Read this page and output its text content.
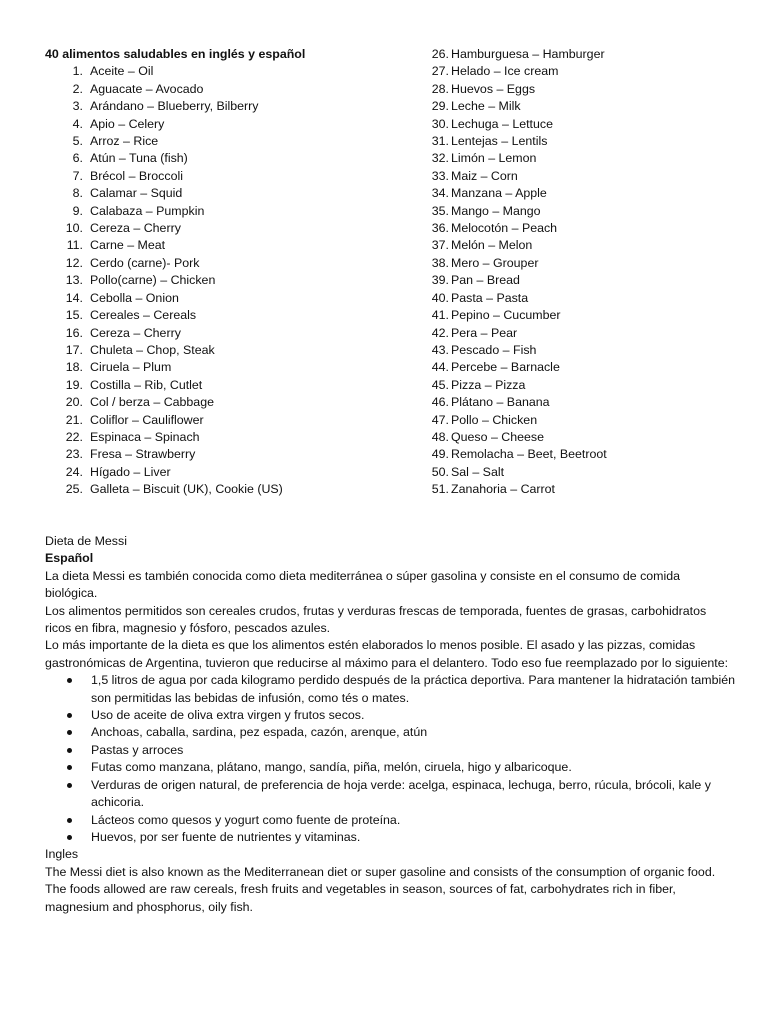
40 alimentos saludables en inglés y español
1. Aceite – Oil
2. Aguacate – Avocado
3. Arándano – Blueberry, Bilberry
4. Apio – Celery
5. Arroz – Rice
6. Atún – Tuna (fish)
7. Brécol – Broccoli
8. Calamar – Squid
9. Calabaza – Pumpkin
10. Cereza – Cherry
11. Carne – Meat
12. Cerdo (carne)- Pork
13. Pollo(carne) – Chicken
14. Cebolla – Onion
15. Cereales – Cereals
16. Cereza – Cherry
17. Chuleta – Chop, Steak
18. Ciruela – Plum
19. Costilla – Rib, Cutlet
20. Col / berza – Cabbage
21. Coliflor – Cauliflower
22. Espinaca – Spinach
23. Fresa – Strawberry
24. Hígado – Liver
25. Galleta – Biscuit (UK), Cookie (US)
26. Hamburguesa – Hamburger
27. Helado – Ice cream
28. Huevos – Eggs
29. Leche – Milk
30. Lechuga – Lettuce
31. Lentejas – Lentils
32. Limón – Lemon
33. Maiz – Corn
34. Manzana – Apple
35. Mango – Mango
36. Melocotón – Peach
37. Melón – Melon
38. Mero – Grouper
39. Pan – Bread
40. Pasta – Pasta
41. Pepino – Cucumber
42. Pera – Pear
43. Pescado – Fish
44. Percebe – Barnacle
45. Pizza – Pizza
46. Plátano – Banana
47. Pollo – Chicken
48. Queso – Cheese
49. Remolacha – Beet, Beetroot
50. Sal – Salt
51. Zanahoria – Carrot

Dieta de Messi

Español

La dieta Messi es también conocida como dieta mediterránea o súper gasolina y consiste en el consumo de comida biológica.

Los alimentos permitidos son cereales crudos, frutas y verduras frescas de temporada, fuentes de grasas, carbohidratos ricos en fibra, magnesio y fósforo, pescados azules.

Lo más importante de la dieta es que los alimentos estén elaborados lo menos posible. El asado y las pizzas, comidas gastronómicas de Argentina, tuvieron que reducirse al máximo para el delantero. Todo eso fue reemplazado por lo siguiente:

1,5 litros de agua por cada kilogramo perdido después de la práctica deportiva. Para mantener la hidratación también son permitidas las bebidas de infusión, como tés o mates.
Uso de aceite de oliva extra virgen y frutos secos.
Anchoas, caballa, sardina, pez espada, cazón, arenque, atún
Pastas y arroces
Futas como manzana, plátano, mango, sandía, piña, melón, ciruela, higo y albaricoque.
Verduras de origen natural, de preferencia de hoja verde: acelga, espinaca, lechuga, berro, rúcula, brócoli, kale y achicoria.
Lácteos como quesos y yogurt como fuente de proteína.
Huevos, por ser fuente de nutrientes y vitaminas.

Ingles

The Messi diet is also known as the Mediterranean diet or super gasoline and consists of the consumption of organic food.

The foods allowed are raw cereals, fresh fruits and vegetables in season, sources of fat, carbohydrates rich in fiber, magnesium and phosphorus, oily fish.
